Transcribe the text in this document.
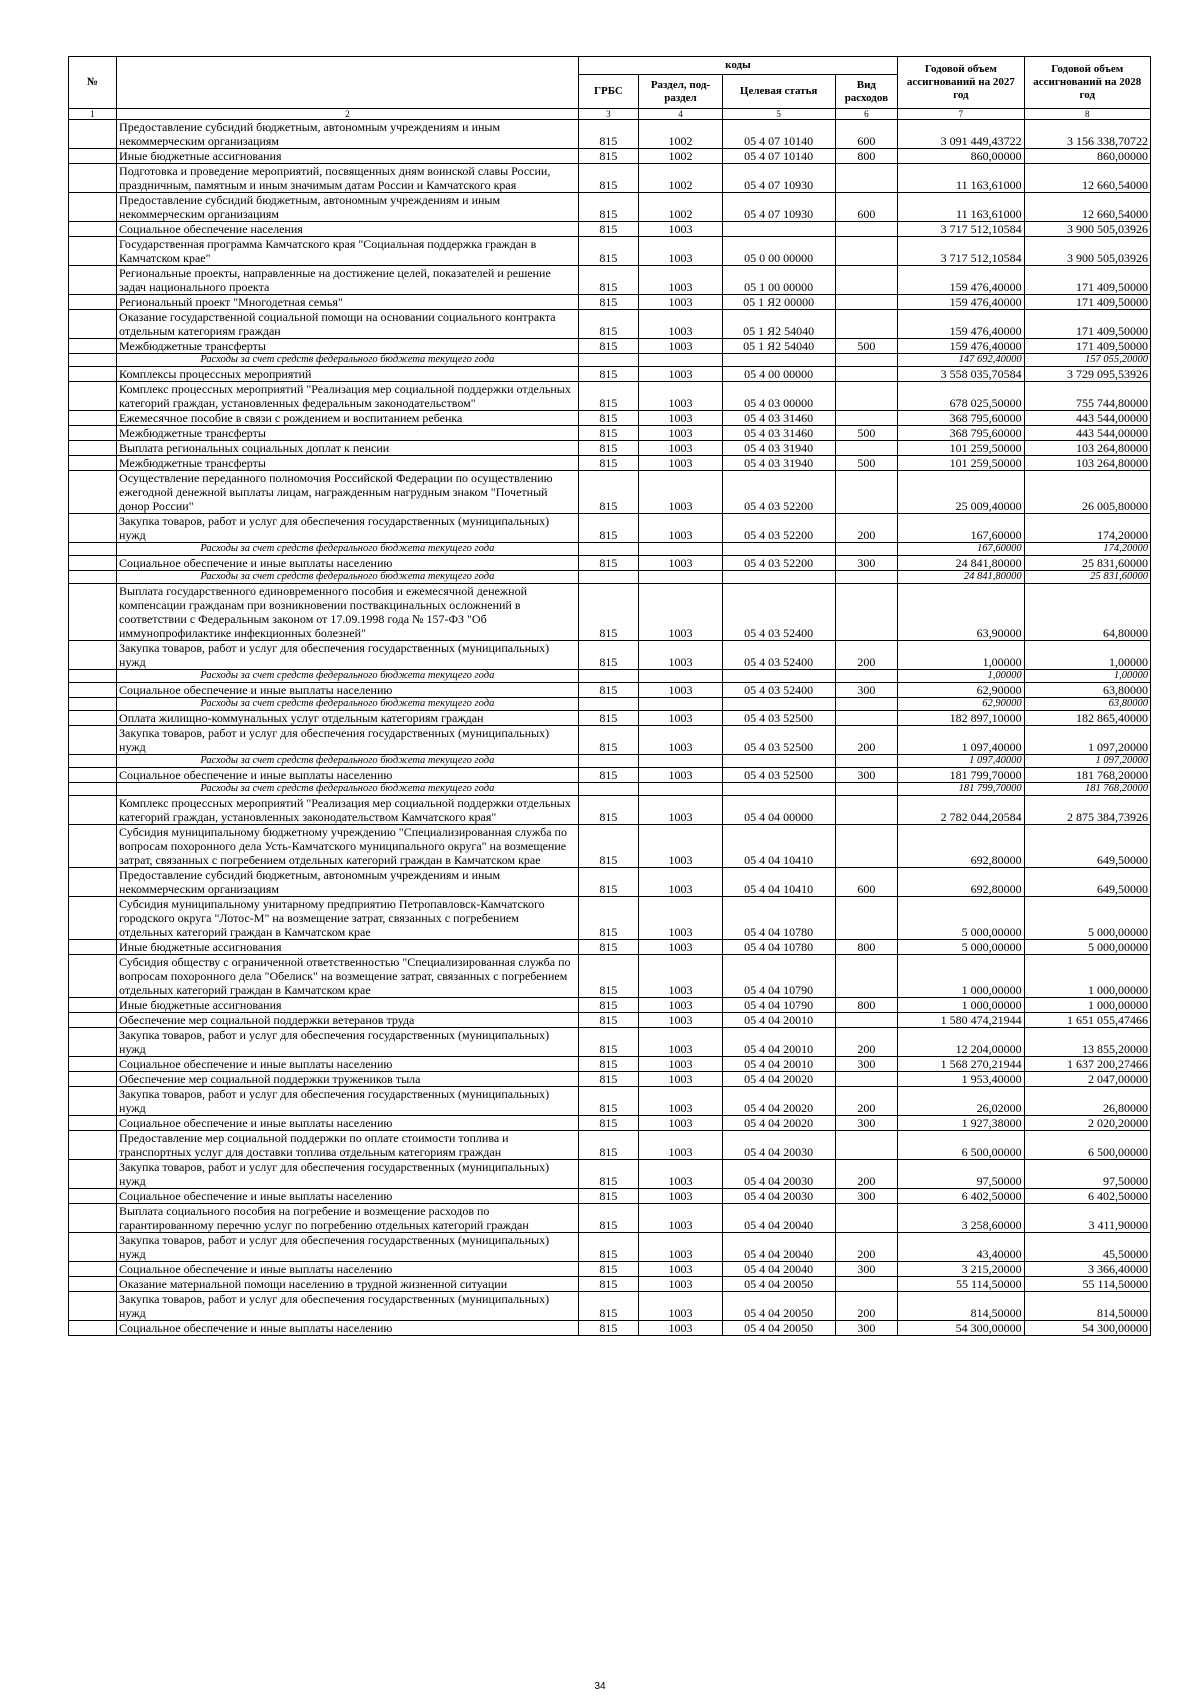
№		коды				Годовой объем ассигнований на 2027 год	Годовой объем ассигнований на 2028 год
		ГРБС	Раздел, под-раздел	Целевая статья	Вид расходов		
1	2	3	4	5	6	7	8
	Предоставление субсидий бюджетным, автономным учреждениям и иным некоммерческим организациям	815	1002	05 4 07 10140	600	3 091 449,43722	3 156 338,70722
	Иные бюджетные ассигнования	815	1002	05 4 07 10140	800	860,00000	860,00000
	Подготовка и проведение мероприятий, посвященных дням воинской славы России, праздничным, памятным и иным значимым датам России и Камчатского края	815	1002	05 4 07 10930		11 163,61000	12 660,54000
	Предоставление субсидий бюджетным, автономным учреждениям и иным некоммерческим организациям	815	1002	05 4 07 10930	600	11 163,61000	12 660,54000
	Социальное обеспечение населения	815	1003			3 717 512,10584	3 900 505,03926
	Государственная программа Камчатского края "Социальная поддержка граждан в Камчатском крае"	815	1003	05 0 00 00000		3 717 512,10584	3 900 505,03926
	Региональные проекты, направленные на достижение целей, показателей и решение задач национального проекта	815	1003	05 1 00 00000		159 476,40000	171 409,50000
	Региональный проект "Многодетная семья"	815	1003	05 1 Я2 00000		159 476,40000	171 409,50000
	Оказание государственной социальной помощи на основании социального контракта отдельным категориям граждан	815	1003	05 1 Я2 54040		159 476,40000	171 409,50000
	Межбюджетные трансферты	815	1003	05 1 Я2 54040	500	159 476,40000	171 409,50000
	Расходы за счет средств федерального бюджета текущего года					147 692,40000	157 055,20000
	Комплексы процессных мероприятий	815	1003	05 4 00 00000		3 558 035,70584	3 729 095,53926
	Комплекс процессных мероприятий "Реализация мер социальной поддержки отдельных категорий граждан, установленных федеральным законодательством"	815	1003	05 4 03 00000		678 025,50000	755 744,80000
	Ежемесячное пособие в связи с рождением и воспитанием ребенка	815	1003	05 4 03 31460		368 795,60000	443 544,00000
	Межбюджетные трансферты	815	1003	05 4 03 31460	500	368 795,60000	443 544,00000
	Выплата региональных социальных доплат к пенсии	815	1003	05 4 03 31940		101 259,50000	103 264,80000
	Межбюджетные трансферты	815	1003	05 4 03 31940	500	101 259,50000	103 264,80000
	Осуществление переданного полномочия Российской Федерации по осуществлению ежегодной денежной выплаты лицам, награжденным нагрудным знаком "Почетный донор России"	815	1003	05 4 03 52200		25 009,40000	26 005,80000
	Закупка товаров, работ и услуг для обеспечения государственных (муниципальных) нужд	815	1003	05 4 03 52200	200	167,60000	174,20000
	Расходы за счет средств федерального бюджета текущего года					167,60000	174,20000
	Социальное обеспечение и иные выплаты населению	815	1003	05 4 03 52200	300	24 841,80000	25 831,60000
	Расходы за счет средств федерального бюджета текущего года					24 841,80000	25 831,60000
	Выплата государственного единовременного пособия и ежемесячной денежной компенсации гражданам при возникновении поствакцинальных осложнений в соответствии с Федеральным законом от 17.09.1998 года № 157-ФЗ "Об иммунопрофилактике инфекционных болезней"	815	1003	05 4 03 52400		63,90000	64,80000
	Закупка товаров, работ и услуг для обеспечения государственных (муниципальных) нужд	815	1003	05 4 03 52400	200	1,00000	1,00000
	Расходы за счет средств федерального бюджета текущего года					1,00000	1,00000
	Социальное обеспечение и иные выплаты населению	815	1003	05 4 03 52400	300	62,90000	63,80000
	Расходы за счет средств федерального бюджета текущего года					62,90000	63,80000
	Оплата жилищно-коммунальных услуг отдельным категориям граждан	815	1003	05 4 03 52500		182 897,10000	182 865,40000
	Закупка товаров, работ и услуг для обеспечения государственных (муниципальных) нужд	815	1003	05 4 03 52500	200	1 097,40000	1 097,20000
	Расходы за счет средств федерального бюджета текущего года					1 097,40000	1 097,20000
	Социальное обеспечение и иные выплаты населению	815	1003	05 4 03 52500	300	181 799,70000	181 768,20000
	Расходы за счет средств федерального бюджета текущего года					181 799,70000	181 768,20000
	Комплекс процессных мероприятий "Реализация мер социальной поддержки отдельных категорий граждан, установленных законодательством Камчатского края"	815	1003	05 4 04 00000		2 782 044,20584	2 875 384,73926
	Субсидия муниципальному бюджетному учреждению "Специализированная служба по вопросам похоронного дела Усть-Камчатского муниципального округа" на возмещение затрат, связанных с погребением отдельных категорий граждан в Камчатском крае	815	1003	05 4 04 10410		692,80000	649,50000
	Предоставление субсидий бюджетным, автономным учреждениям и иным некоммерческим организациям	815	1003	05 4 04 10410	600	692,80000	649,50000
	Субсидия муниципальному унитарному предприятию Петропавловск-Камчатского городского округа "Лотос-М" на возмещение затрат, связанных с погребением отдельных категорий граждан в Камчатском крае	815	1003	05 4 04 10780		5 000,00000	5 000,00000
	Иные бюджетные ассигнования	815	1003	05 4 04 10780	800	5 000,00000	5 000,00000
	Субсидия обществу с ограниченной ответственностью "Специализированная служба по вопросам похоронного дела "Обелиск" на возмещение затрат, связанных с погребением отдельных категорий граждан в Камчатском крае	815	1003	05 4 04 10790		1 000,00000	1 000,00000
	Иные бюджетные ассигнования	815	1003	05 4 04 10790	800	1 000,00000	1 000,00000
	Обеспечение мер социальной поддержки ветеранов труда	815	1003	05 4 04 20010		1 580 474,21944	1 651 055,47466
	Закупка товаров, работ и услуг для обеспечения государственных (муниципальных) нужд	815	1003	05 4 04 20010	200	12 204,00000	13 855,20000
	Социальное обеспечение и иные выплаты населению	815	1003	05 4 04 20010	300	1 568 270,21944	1 637 200,27466
	Обеспечение мер социальной поддержки тружеников тыла	815	1003	05 4 04 20020		1 953,40000	2 047,00000
	Закупка товаров, работ и услуг для обеспечения государственных (муниципальных) нужд	815	1003	05 4 04 20020	200	26,02000	26,80000
	Социальное обеспечение и иные выплаты населению	815	1003	05 4 04 20020	300	1 927,38000	2 020,20000
	Предоставление мер социальной поддержки по оплате стоимости топлива и транспортных услуг для доставки топлива отдельным категориям граждан	815	1003	05 4 04 20030		6 500,00000	6 500,00000
	Закупка товаров, работ и услуг для обеспечения государственных (муниципальных) нужд	815	1003	05 4 04 20030	200	97,50000	97,50000
	Социальное обеспечение и иные выплаты населению	815	1003	05 4 04 20030	300	6 402,50000	6 402,50000
	Выплата социального пособия на погребение и возмещение расходов по гарантированному перечню услуг по погребению отдельных категорий граждан	815	1003	05 4 04 20040		3 258,60000	3 411,90000
	Закупка товаров, работ и услуг для обеспечения государственных (муниципальных) нужд	815	1003	05 4 04 20040	200	43,40000	45,50000
	Социальное обеспечение и иные выплаты населению	815	1003	05 4 04 20040	300	3 215,20000	3 366,40000
	Оказание материальной помощи населению в трудной жизненной ситуации	815	1003	05 4 04 20050		55 114,50000	55 114,50000
	Закупка товаров, работ и услуг для обеспечения государственных (муниципальных) нужд	815	1003	05 4 04 20050	200	814,50000	814,50000
	Социальное обеспечение и иные выплаты населению	815	1003	05 4 04 20050	300	54 300,00000	54 300,00000
34
